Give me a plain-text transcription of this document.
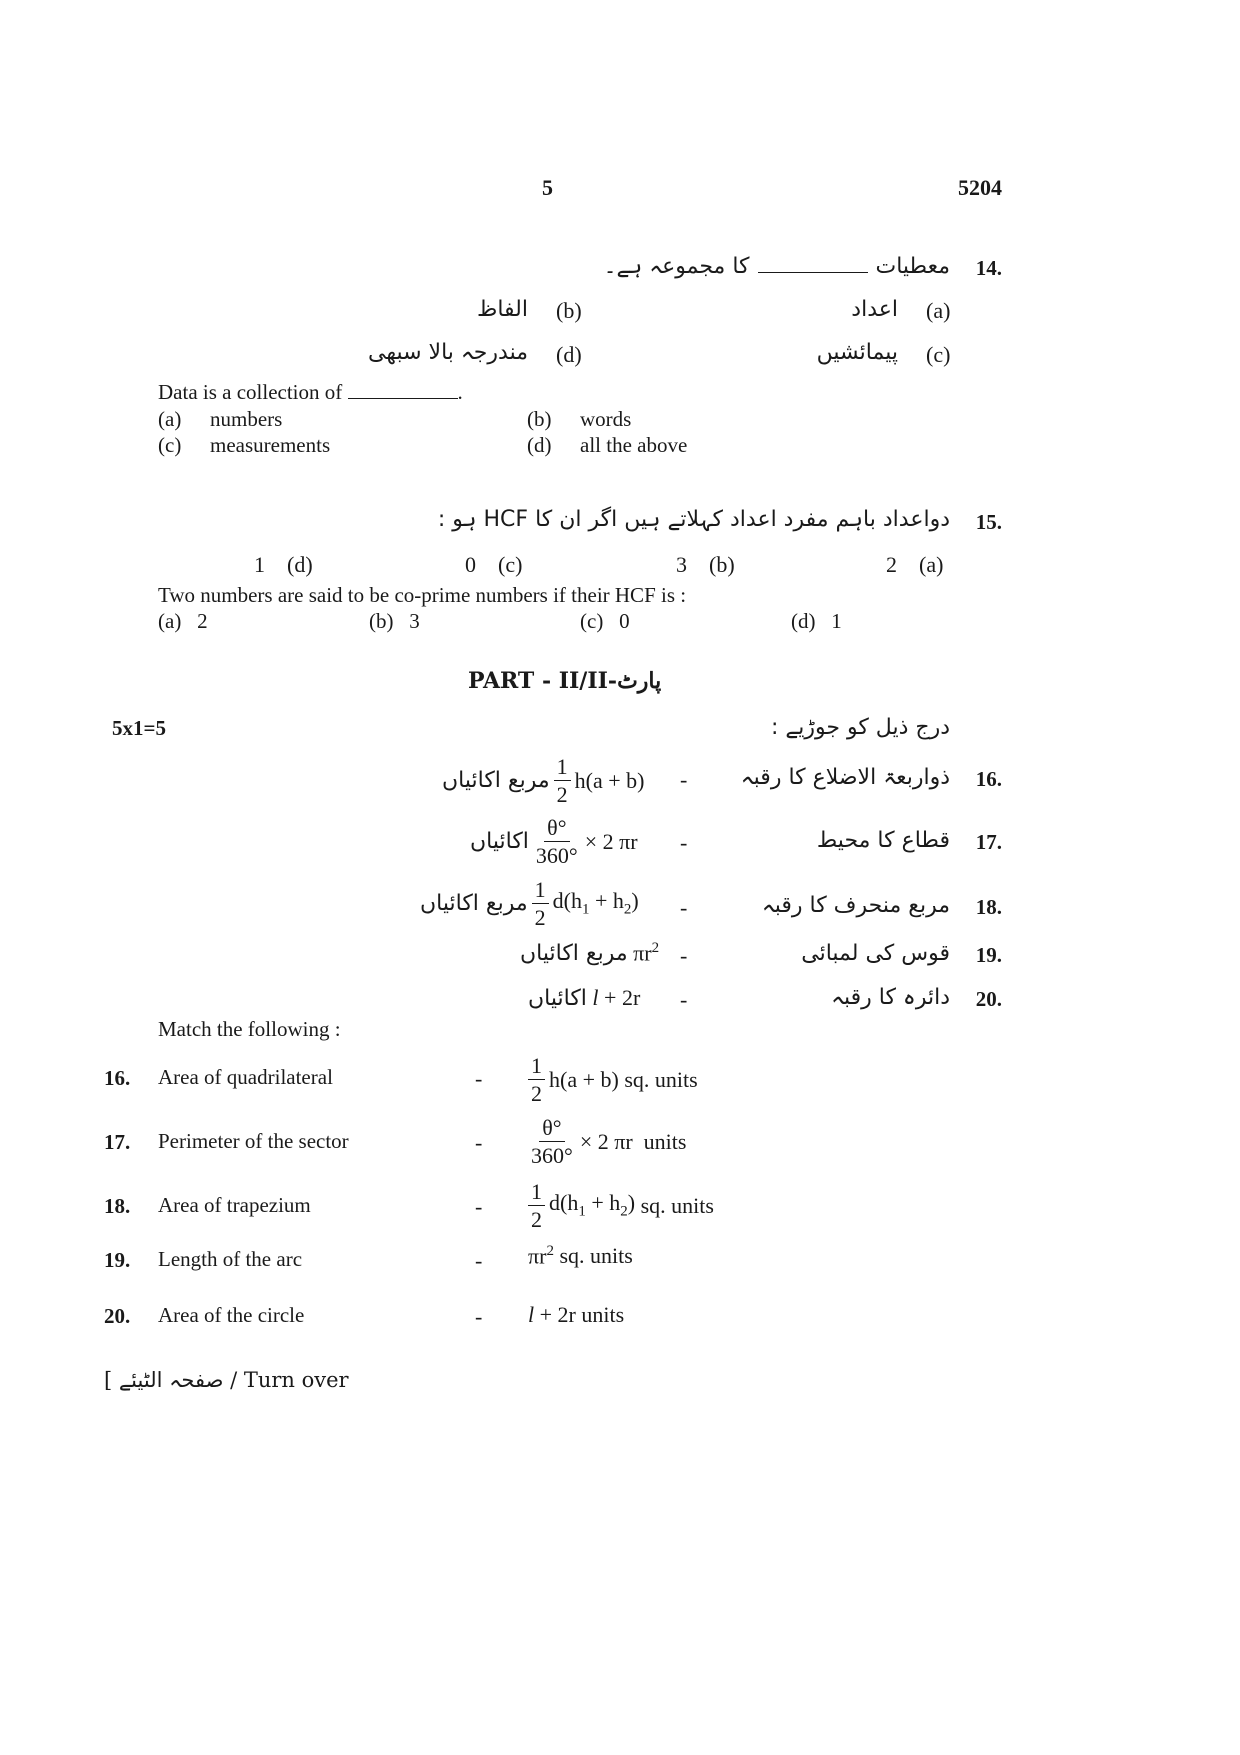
5	5204
14.
معطیاتکا مجموعہ ہے۔
(a)
اعداد
(b)
الفاظ
(c)
پیمائشیں
(d)
مندرجہ بالا سبھی
Data is a collection of	.
(a) numbers	(b) words
(c) measurements	(d) all the above
15.
دواعداد باہم مفرد اعداد کہلاتے ہیں اگر ان کا HCF ہو :
2 (a)
3 (b)
0 (c)
1 (d)
Two numbers are said to be co-prime numbers if their HCF is :
(a) 2	(b) 3	(c) 0	(d) 1
PART - II/II-پارٹ
5x1=5	درج ذیل کو جوڑیے :
16.
ذواربعۃ الاضلاع کا رقبہ
-
مربع اکائیاں $\frac{1}{2} h(a + b)$
17.
قطاع کا محیط
-
اکائیاں $\frac{\theta^\circ}{360^\circ} \times 2$ πr
18.
مربع منحرف کا رقبہ
-
مربع اکائیاں $\frac{1}{2} d(h_1 + h_2)$
19.
قوس کی لمبائی
-
مربع اکائیاں $\pi r^2$
20.
دائرہ کا رقبہ
-
اکائیاں l + 2r
Match the following :
16. Area of quadrilateral	- $\frac{1}{2} h(a + b)$ sq. units
17. Perimeter of the sector	- $\frac{\theta^\circ}{360^\circ} \times 2$ πr units
18. Area of trapezium	- $\frac{1}{2} d(h_1 + h_2)$ sq. units
19. Length of the arc	- $\pi r^2$ sq. units
20. Area of the circle	- l + 2r units
[ صفحہ الٹیئے / Turn over
